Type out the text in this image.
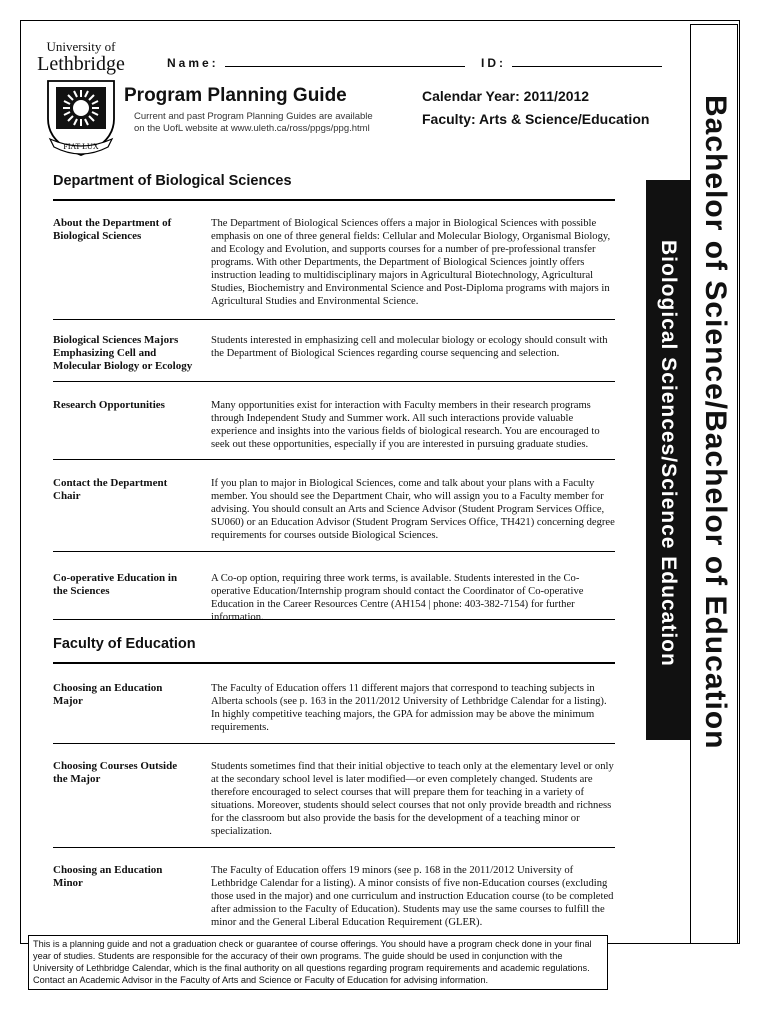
Bachelor of Science/Bachelor of Education
Biological Sciences/Science Education
University of
Lethbridge
FIAT LUX
Name:	ID:
Program Planning Guide
Current and past Program Planning Guides are available on the UofL website at www.uleth.ca/ross/ppgs/ppg.html
Calendar Year: 2011/2012
Faculty: Arts & Science/Education
Department of Biological Sciences
About the Department of Biological Sciences
The Department of Biological Sciences offers a major in Biological Sciences with possible emphasis on one of three general fields: Cellular and Molecular Biology, Organismal Biology, and Ecology and Evolution, and supports courses for a number of pre-professional transfer programs. With other Departments, the Department of Biological Sciences jointly offers instruction leading to multidisciplinary majors in Agricultural Biotechnology, Agricultural Studies, Biochemistry and Environmental Science and Post-Diploma programs with majors in Agricultural Studies and Environmental Science.
Biological Sciences Majors Emphasizing Cell and Molecular Biology or Ecology
Students interested in emphasizing cell and molecular biology or ecology should consult with the Department of Biological Sciences regarding course sequencing and selection.
Research Opportunities	Many opportunities exist for interaction with Faculty members in their research programs through Independent Study and Summer work. All such interactions provide valuable experience and insights into the various fields of biological research. You are encouraged to seek out these opportunities, especially if you are interested in pursuing graduate studies.
Contact the Department Chair
If you plan to major in Biological Sciences, come and talk about your plans with a Faculty member. You should see the Department Chair, who will assign you to a Faculty member for advising. You should consult an Arts and Science Advisor (Student Program Services Office, SU060) or an Education Advisor (Student Program Services Office, TH421) concerning degree requirements for courses outside Biological Sciences.
Co-operative Education in the Sciences
A Co-op option, requiring three work terms, is available. Students interested in the Co-operative Education/Internship program should contact the Coordinator of Co-operative Education in the Career Resources Centre (AH154 | phone: 403-382-7154) for further information.
Faculty of Education
Choosing an Education Major
The Faculty of Education offers 11 different majors that correspond to teaching subjects in Alberta schools (see p. 163 in the 2011/2012 University of Lethbridge Calendar for a listing). In highly competitive teaching majors, the GPA for admission may be above the minimum requirements.
Choosing Courses Outside the Major
Students sometimes find that their initial objective to teach only at the elementary level or only at the secondary school level is later modified—or even completely changed. Students are therefore encouraged to select courses that will prepare them for teaching in a variety of situations. Moreover, students should select courses that not only provide breadth and richness for the classroom but also provide the basis for the development of a teaching minor or specialization.
Choosing an Education Minor
The Faculty of Education offers 19 minors (see p. 168 in the 2011/2012 University of Lethbridge Calendar for a listing). A minor consists of five non-Education courses (excluding those used in the major) and one curriculum and instruction Education course (to be completed after admission to the Faculty of Education). Students may use the same courses to fulfill the minor and the General Liberal Education Requirement (GLER).
This is a planning guide and not a graduation check or guarantee of course offerings. You should have a program check done in your final year of studies. Students are responsible for the accuracy of their own programs. The guide should be used in conjunction with the University of Lethbridge Calendar, which is the final authority on all questions regarding program requirements and academic regulations. Contact an Academic Advisor in the Faculty of Arts and Science or Faculty of Education for advising information.
